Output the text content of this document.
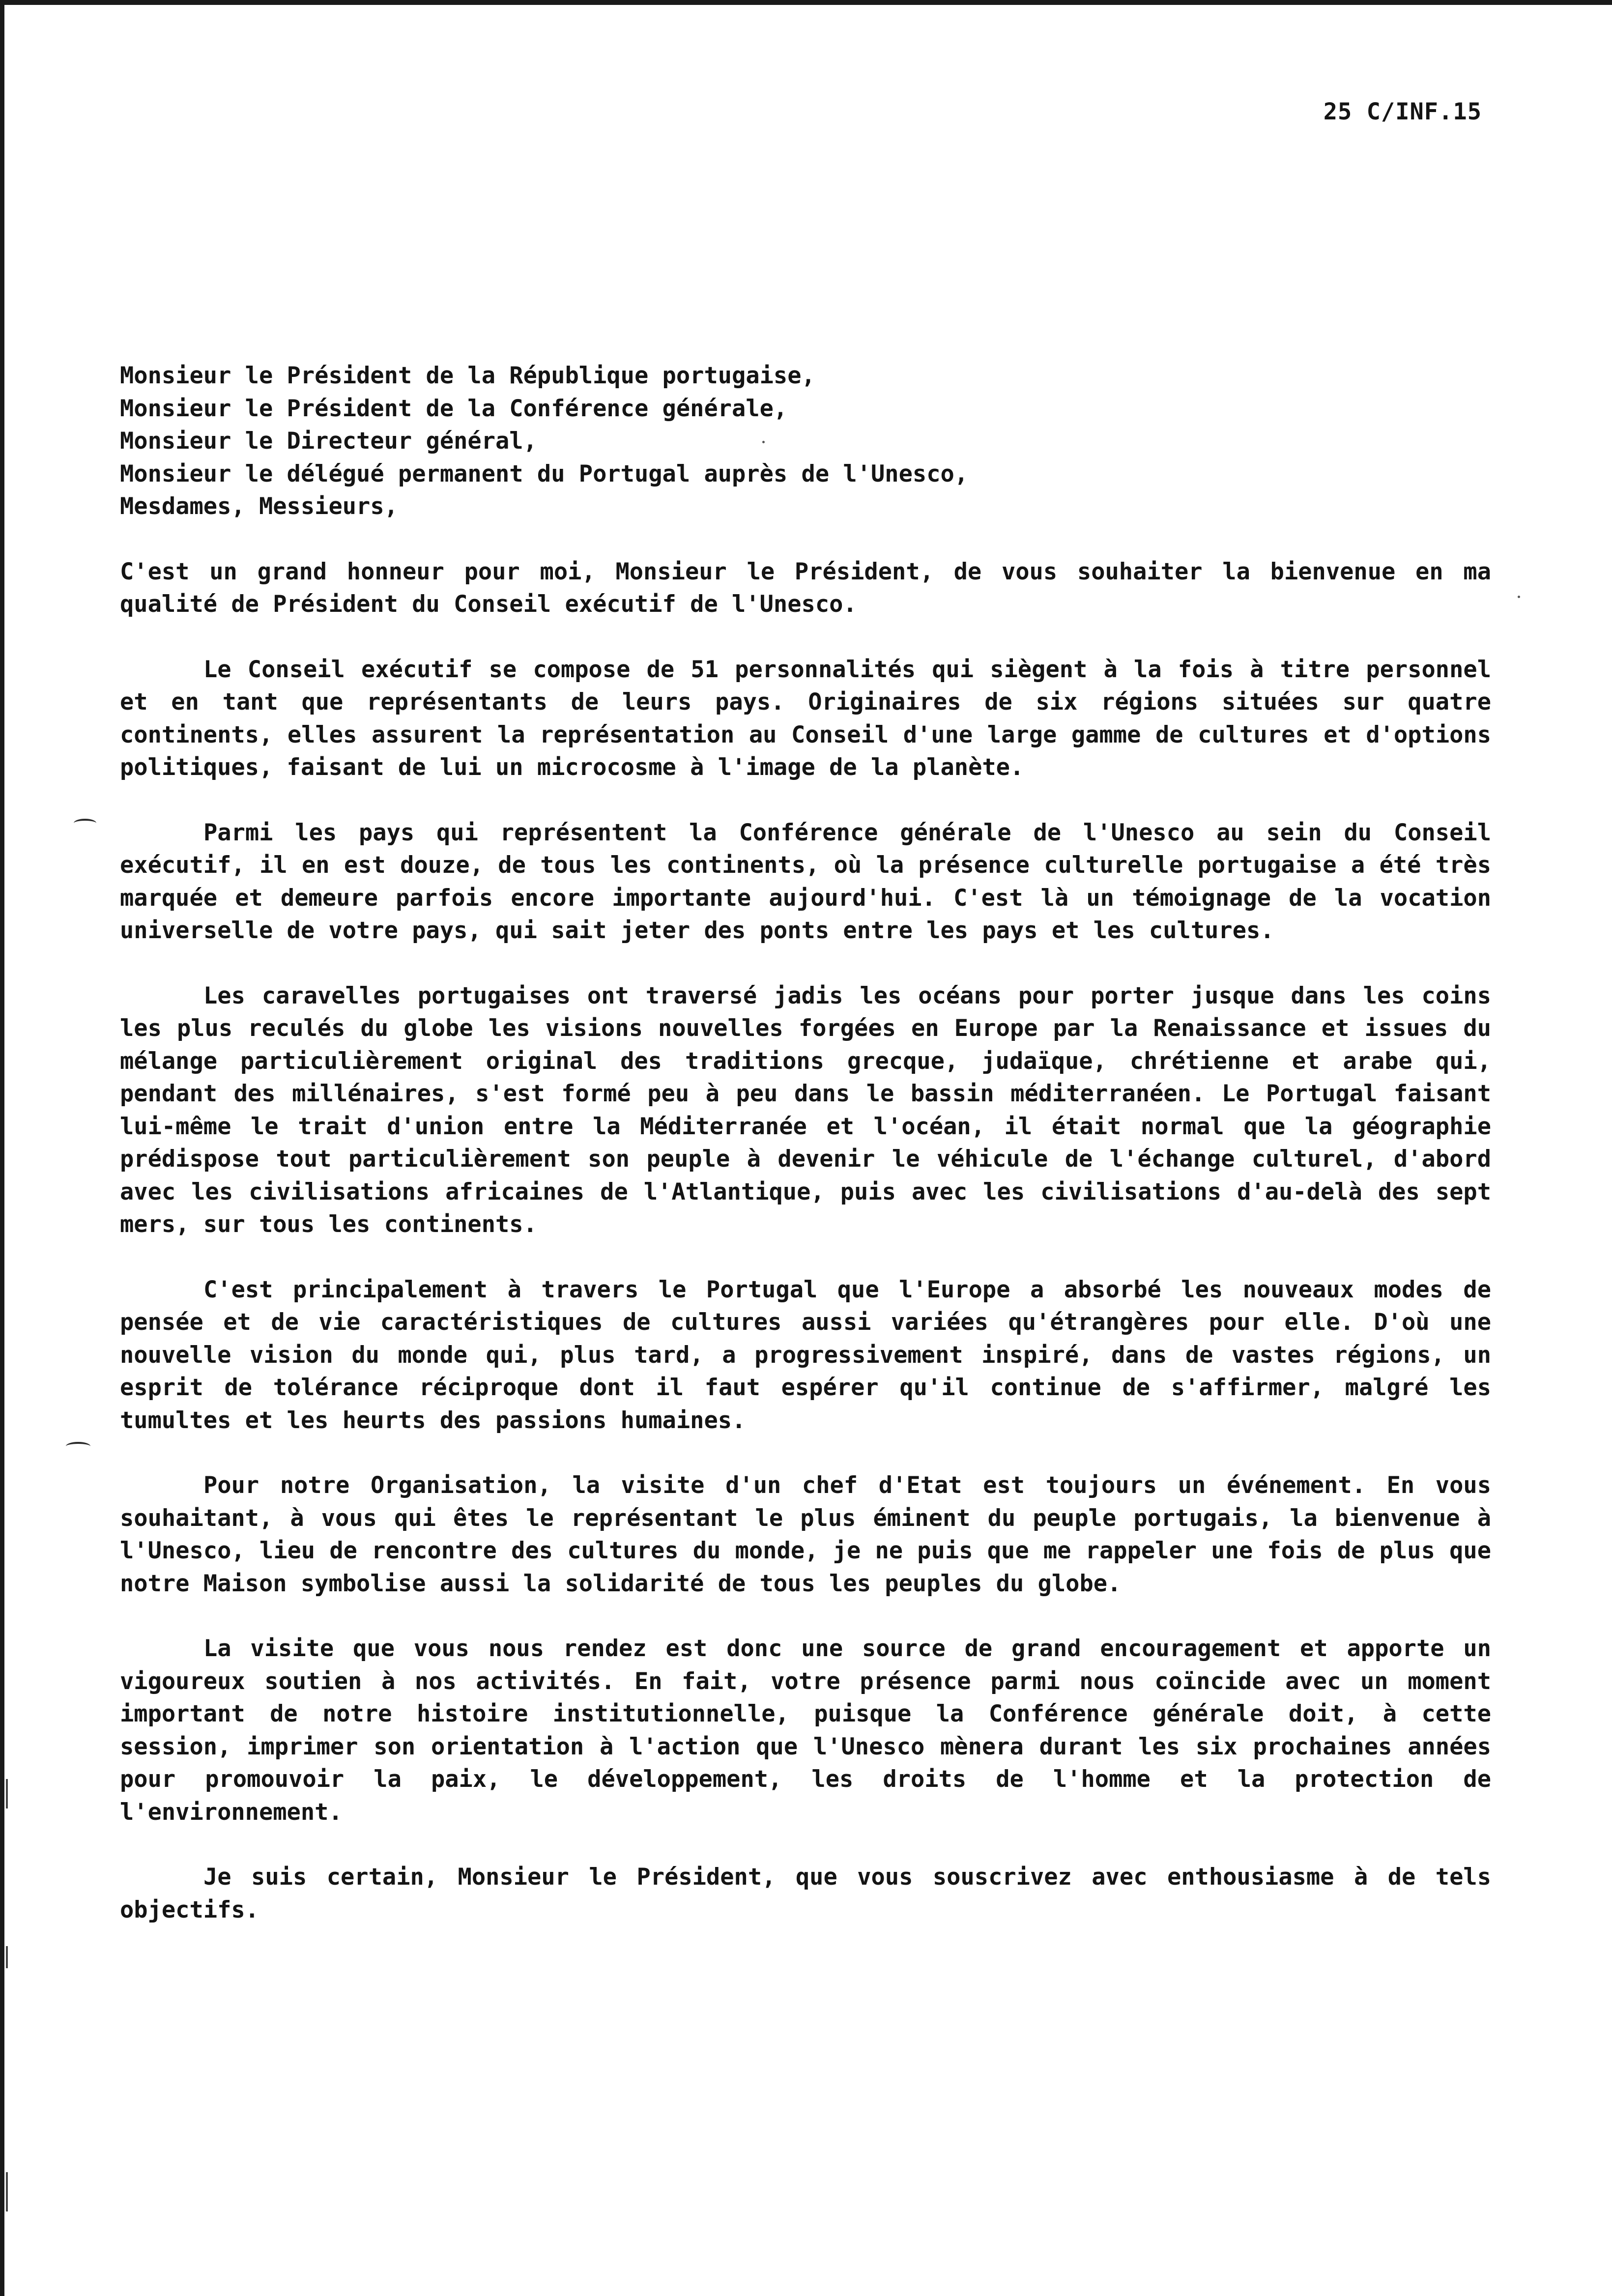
25 C/INF.15
Monsieur le Président de la République portugaise,
Monsieur le Président de la Conférence générale,
Monsieur le Directeur général,
Monsieur le délégué permanent du Portugal auprès de l'Unesco,
Mesdames, Messieurs,

C'est un grand honneur pour moi, Monsieur le Président, de vous souhaiter la bienvenue en ma qualité de Président du Conseil exécutif de l'Unesco.

Le Conseil exécutif se compose de 51 personnalités qui siègent à la fois à titre personnel et en tant que représentants de leurs pays. Originaires de six régions situées sur quatre continents, elles assurent la représentation au Conseil d'une large gamme de cultures et d'options politiques, faisant de lui un microcosme à l'image de la planète.

Parmi les pays qui représentent la Conférence générale de l'Unesco au sein du Conseil exécutif, il en est douze, de tous les continents, où la présence culturelle portugaise a été très marquée et demeure parfois encore importante aujourd'hui. C'est là un témoignage de la vocation universelle de votre pays, qui sait jeter des ponts entre les pays et les cultures.

Les caravelles portugaises ont traversé jadis les océans pour porter jusque dans les coins les plus reculés du globe les visions nouvelles forgées en Europe par la Renaissance et issues du mélange particulièrement original des traditions grecque, judaïque, chrétienne et arabe qui, pendant des millénaires, s'est formé peu à peu dans le bassin méditerranéen. Le Portugal faisant lui-même le trait d'union entre la Méditerranée et l'océan, il était normal que la géographie prédispose tout particulièrement son peuple à devenir le véhicule de l'échange culturel, d'abord avec les civilisations africaines de l'Atlantique, puis avec les civilisations d'au-delà des sept mers, sur tous les continents.

C'est principalement à travers le Portugal que l'Europe a absorbé les nouveaux modes de pensée et de vie caractéristiques de cultures aussi variées qu'étrangères pour elle. D'où une nouvelle vision du monde qui, plus tard, a progressivement inspiré, dans de vastes régions, un esprit de tolérance réciproque dont il faut espérer qu'il continue de s'affirmer, malgré les tumultes et les heurts des passions humaines.

Pour notre Organisation, la visite d'un chef d'Etat est toujours un événement. En vous souhaitant, à vous qui êtes le représentant le plus éminent du peuple portugais, la bienvenue à l'Unesco, lieu de rencontre des cultures du monde, je ne puis que me rappeler une fois de plus que notre Maison symbolise aussi la solidarité de tous les peuples du globe.

La visite que vous nous rendez est donc une source de grand encouragement et apporte un vigoureux soutien à nos activités. En fait, votre présence parmi nous coïncide avec un moment important de notre histoire institutionnelle, puisque la Conférence générale doit, à cette session, imprimer son orientation à l'action que l'Unesco mènera durant les six prochaines années pour promouvoir la paix, le développement, les droits de l'homme et la protection de l'environnement.

Je suis certain, Monsieur le Président, que vous souscrivez avec enthousiasme à de tels objectifs.
